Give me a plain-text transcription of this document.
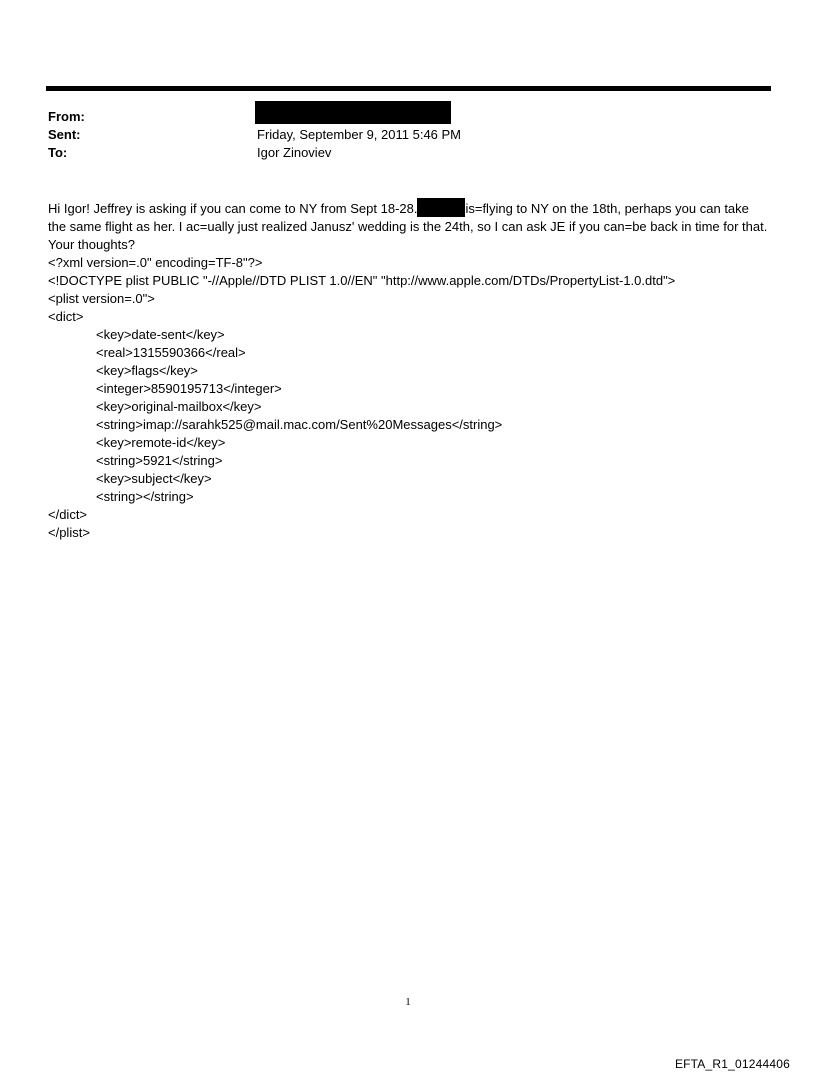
From:
Sent:	Friday, September 9, 2011 5:46 PM
To:	Igor Zinoviev

Hi Igor! Jeffrey is asking if you can come to NY from Sept 18-28.	is=flying to NY on the 18th, perhaps you can take the same flight as her. I ac=ually just realized Janusz' wedding is the 24th, so I can ask JE if you can=be back in time for that. Your thoughts?

<?xml version=.0" encoding=TF-8"?>
<!DOCTYPE plist PUBLIC "-//Apple//DTD PLIST 1.0//EN" "http://www.apple.com/DTDs/PropertyList-1.0.dtd">
<plist version=.0">
<dict>
<key>date-sent</key>
<real>1315590366</real>
<key>flags</key>
<integer>8590195713</integer>
<key>original-mailbox</key>
<string>imap://sarahk525@mail.mac.com/Sent%20Messages</string>
<key>remote-id</key>
<string>5921</string>
<key>subject</key>
<string></string>
</dict>
</plist>
1
EFTA_R1_01244406
